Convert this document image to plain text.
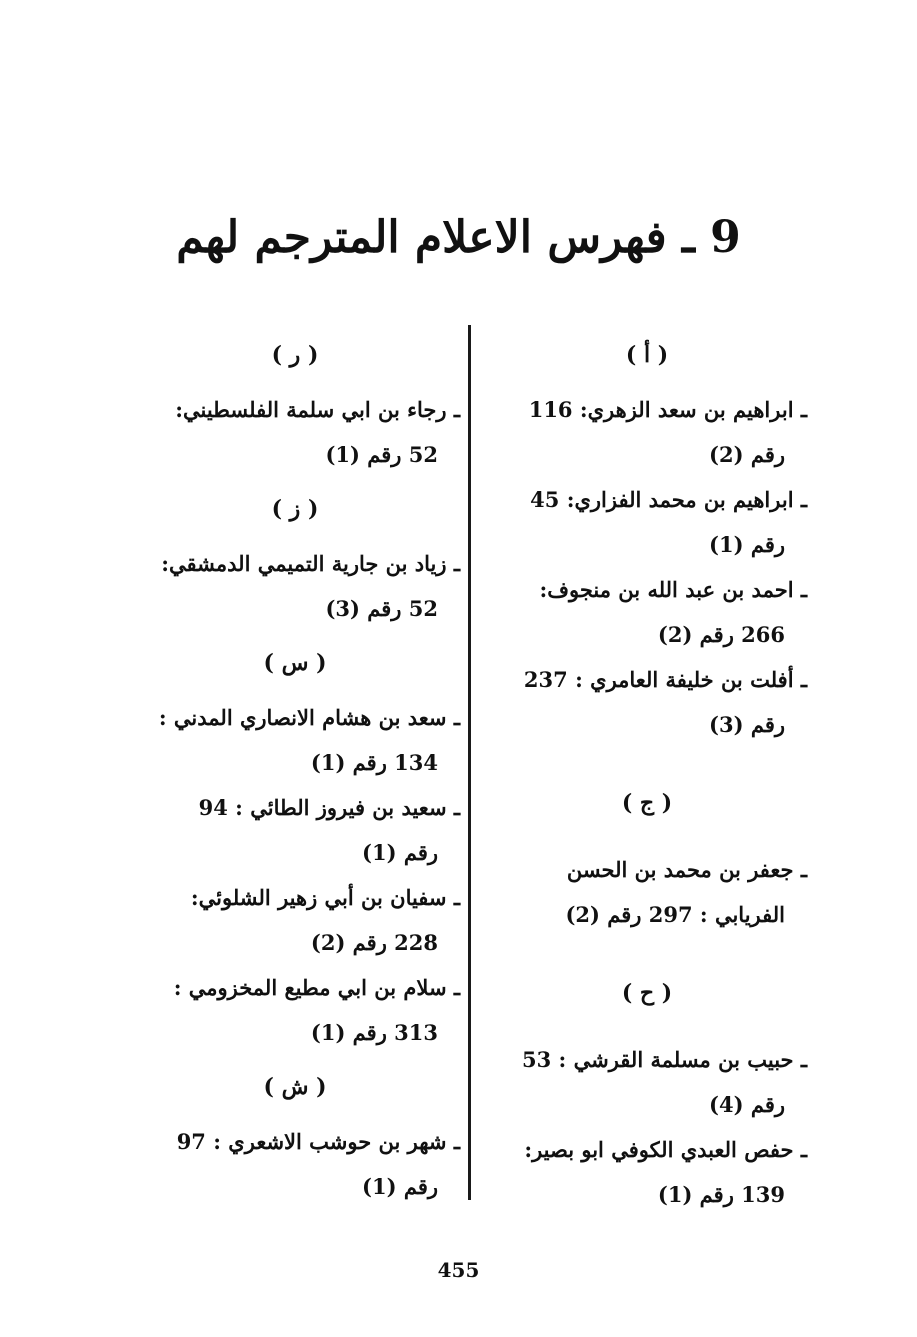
9 ـ فهرس الاعلام المترجم لهم
( أ )
ـ ابراهيم بن سعد الزهري: 116
رقم (2)
ـ ابراهيم بن محمد الفزاري: 45
رقم (1)
ـ احمد بن عبد الله بن منجوف:
266 رقم (2)
ـ أفلت بن خليفة العامري : 237
رقم (3)
( ج )
ـ جعفر بن محمد بن الحسن
الفريابي : 297 رقم (2)
( ح )
ـ حبيب بن مسلمة القرشي : 53
رقم (4)
ـ حفص العبدي الكوفي ابو بصير:
139 رقم (1)
( ر )
ـ رجاء بن ابي سلمة الفلسطيني:
52 رقم (1)
( ز )
ـ زياد بن جارية التميمي الدمشقي:
52 رقم (3)
( س )
ـ سعد بن هشام الانصاري المدني :
134 رقم (1)
ـ سعيد بن فيروز الطائي : 94
رقم (1)
ـ سفيان بن أبي زهير الشلوئي:
228 رقم (2)
ـ سلام بن ابي مطيع المخزومي :
313 رقم (1)
( ش )
ـ شهر بن حوشب الاشعري : 97
رقم (1)
455
